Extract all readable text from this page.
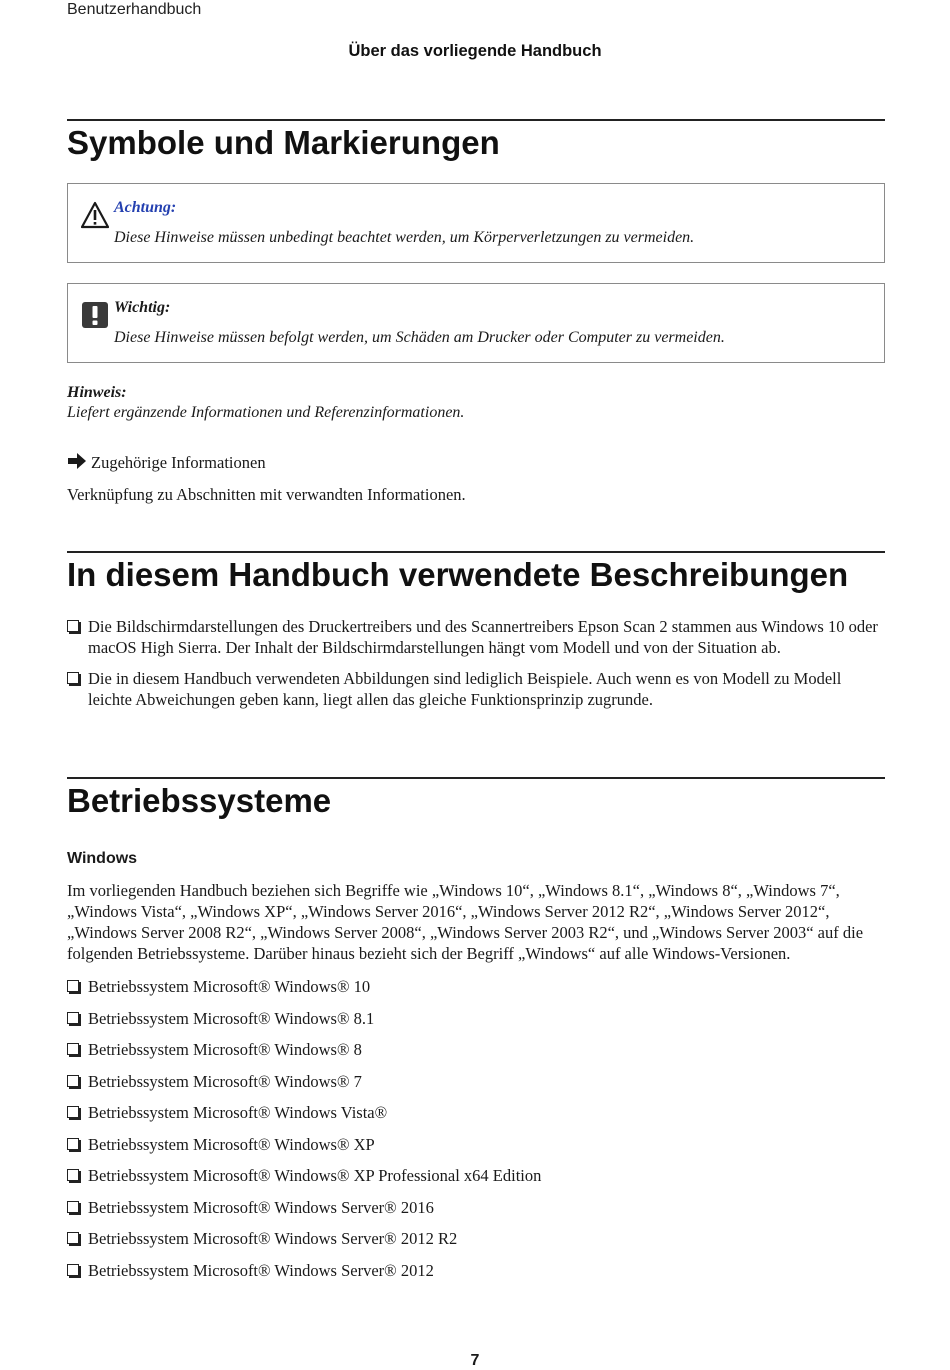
Benutzerhandbuch
Über das vorliegende Handbuch
Symbole und Markierungen
Achtung:
Diese Hinweise müssen unbedingt beachtet werden, um Körperverletzungen zu vermeiden.
Wichtig:
Diese Hinweise müssen befolgt werden, um Schäden am Drucker oder Computer zu vermeiden.
Hinweis:
Liefert ergänzende Informationen und Referenzinformationen.
Zugehörige Informationen
Verknüpfung zu Abschnitten mit verwandten Informationen.
In diesem Handbuch verwendete Beschreibungen
Die Bildschirmdarstellungen des Druckertreibers und des Scannertreibers Epson Scan 2 stammen aus Windows 10 oder macOS High Sierra. Der Inhalt der Bildschirmdarstellungen hängt vom Modell und von der Situation ab.
Die in diesem Handbuch verwendeten Abbildungen sind lediglich Beispiele. Auch wenn es von Modell zu Modell leichte Abweichungen geben kann, liegt allen das gleiche Funktionsprinzip zugrunde.
Betriebssysteme
Windows
Im vorliegenden Handbuch beziehen sich Begriffe wie „Windows 10“, „Windows 8.1“, „Windows 8“, „Windows 7“, „Windows Vista“, „Windows XP“, „Windows Server 2016“, „Windows Server 2012 R2“, „Windows Server 2012“, „Windows Server 2008 R2“, „Windows Server 2008“, „Windows Server 2003 R2“, und „Windows Server 2003“ auf die folgenden Betriebssysteme. Darüber hinaus bezieht sich der Begriff „Windows“ auf alle Windows-Versionen.
Betriebssystem Microsoft® Windows® 10
Betriebssystem Microsoft® Windows® 8.1
Betriebssystem Microsoft® Windows® 8
Betriebssystem Microsoft® Windows® 7
Betriebssystem Microsoft® Windows Vista®
Betriebssystem Microsoft® Windows® XP
Betriebssystem Microsoft® Windows® XP Professional x64 Edition
Betriebssystem Microsoft® Windows Server® 2016
Betriebssystem Microsoft® Windows Server® 2012 R2
Betriebssystem Microsoft® Windows Server® 2012
7
